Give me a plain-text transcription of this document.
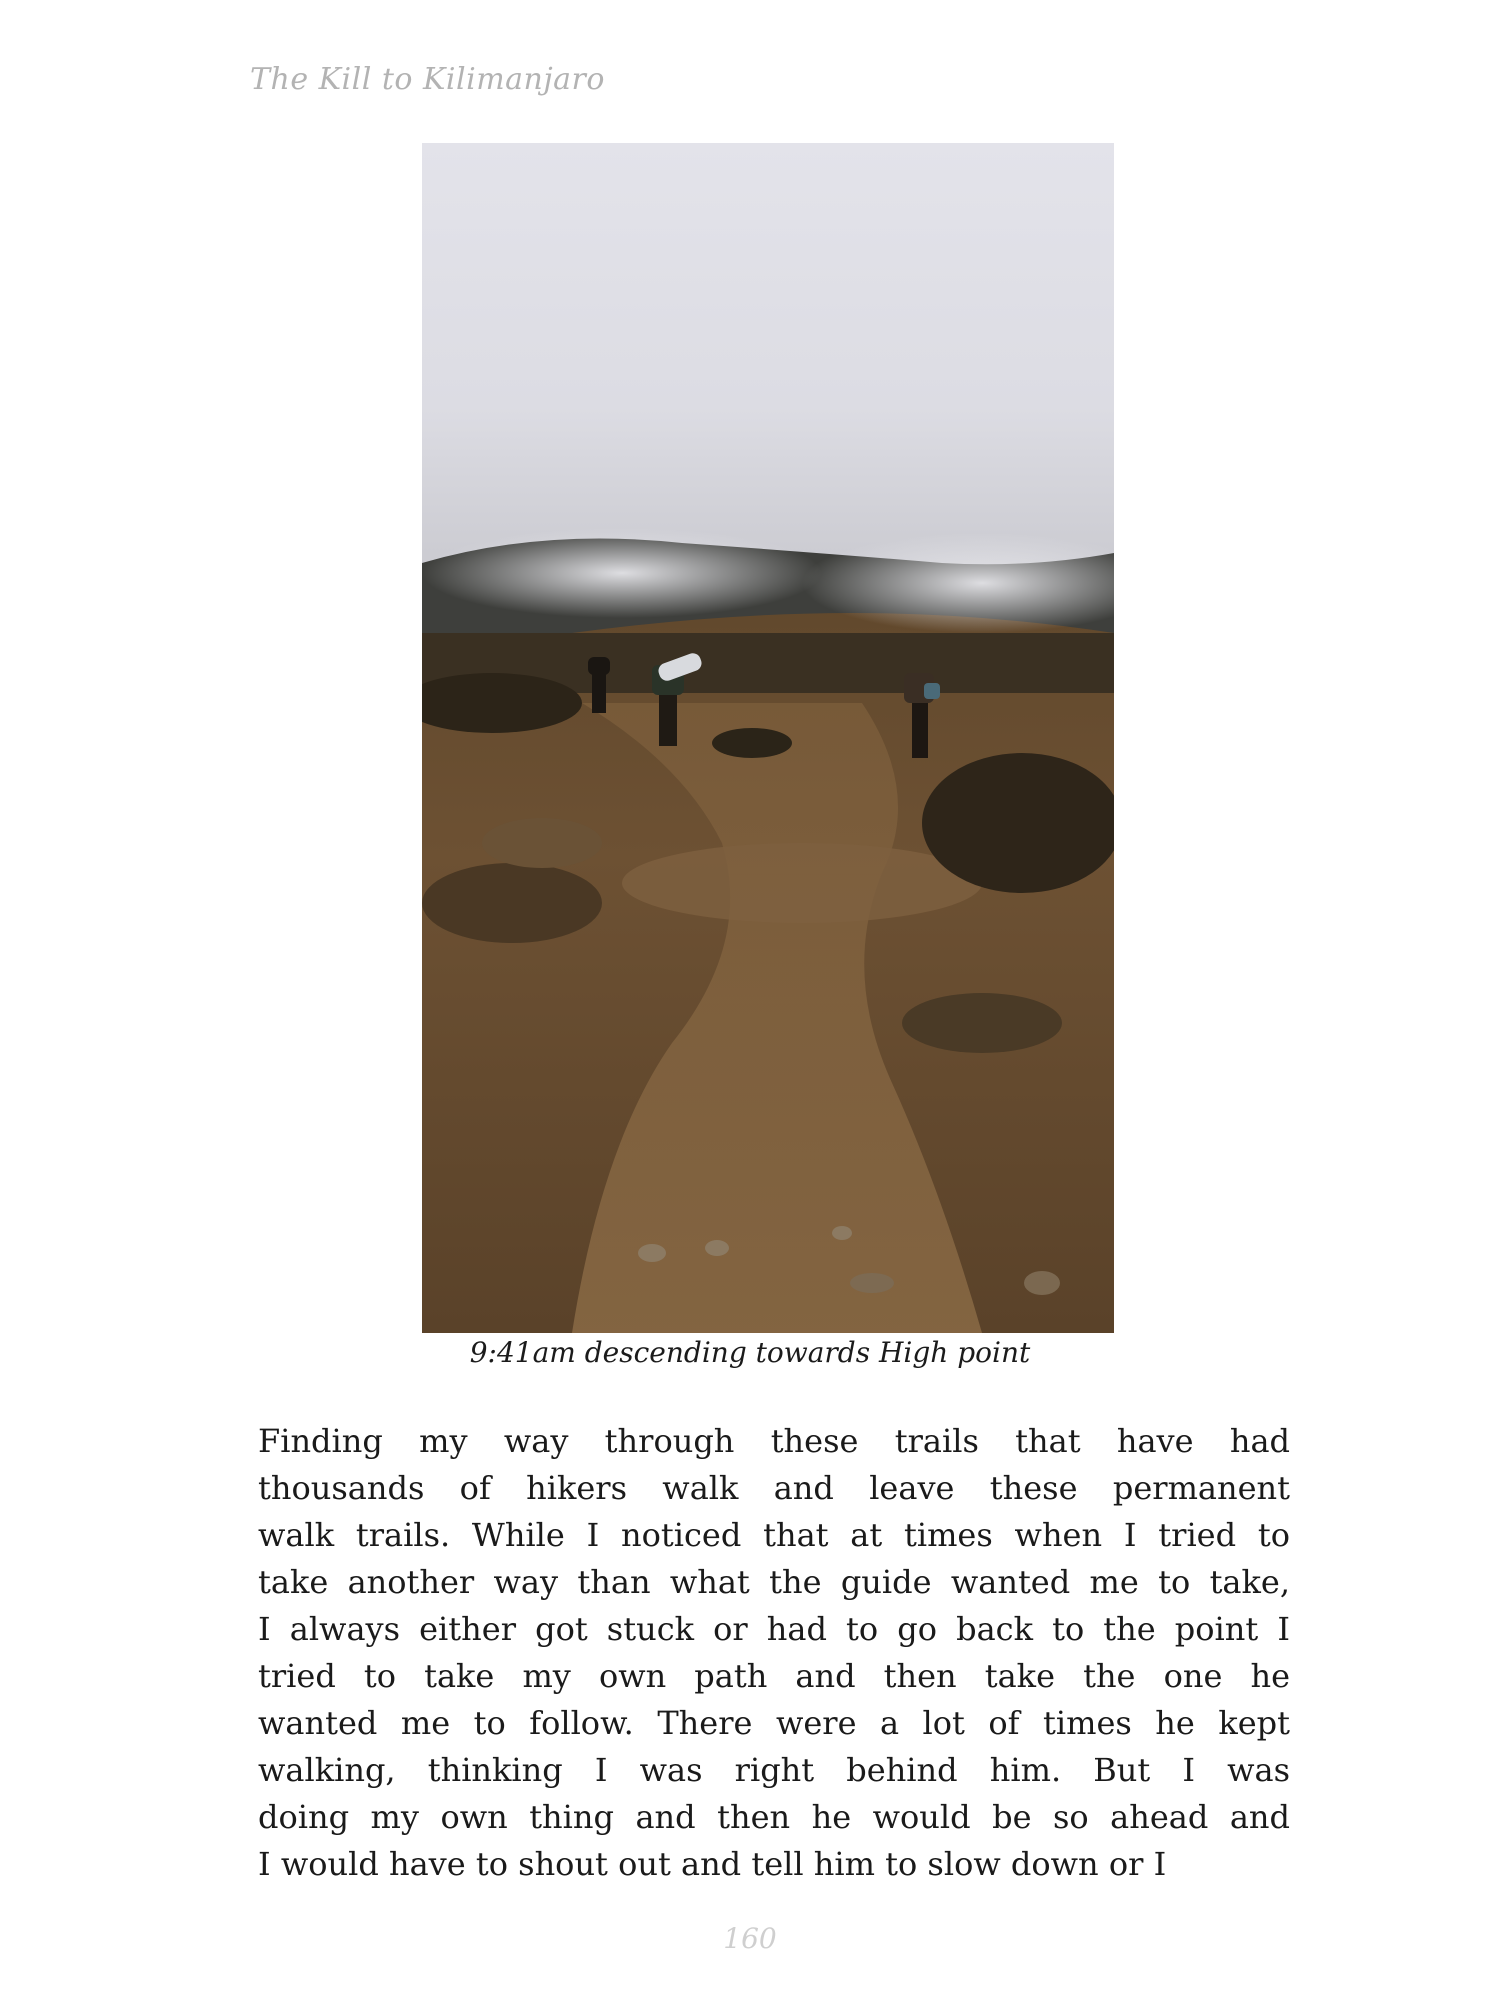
The Kill to Kilimanjaro
9:41am descending towards High point
Finding my way through these trails that have had
thousands of hikers walk and leave these permanent
walk trails. While I noticed that at times when I tried to
take another way than what the guide wanted me to take,
I always either got stuck or had to go back to the point I
tried to take my own path and then take the one he
wanted me to follow. There were a lot of times he kept
walking, thinking I was right behind him. But I was
doing my own thing and then he would be so ahead and
I would have to shout out and tell him to slow down or I
160
